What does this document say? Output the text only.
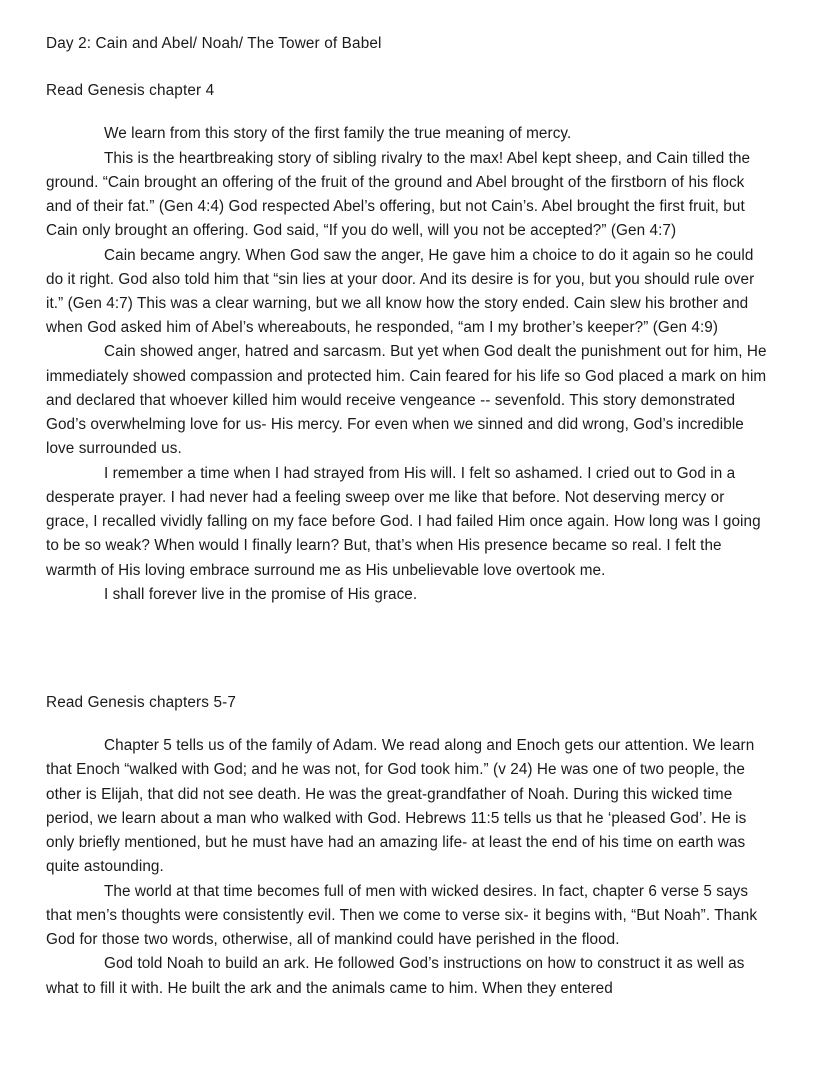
Day 2: Cain and Abel/ Noah/ The Tower of Babel
Read Genesis chapter 4

We learn from this story of the first family the true meaning of mercy.

This is the heartbreaking story of sibling rivalry to the max! Abel kept sheep, and Cain tilled the ground. “Cain brought an offering of the fruit of the ground and Abel brought of the firstborn of his flock and of their fat.” (Gen 4:4) God respected Abel’s offering, but not Cain’s. Abel brought the first fruit, but Cain only brought an offering. God said, “If you do well, will you not be accepted?” (Gen 4:7)

Cain became angry. When God saw the anger, He gave him a choice to do it again so he could do it right. God also told him that “sin lies at your door. And its desire is for you, but you should rule over it.” (Gen 4:7) This was a clear warning, but we all know how the story ended. Cain slew his brother and when God asked him of Abel’s whereabouts, he responded, “am I my brother’s keeper?” (Gen 4:9)

Cain showed anger, hatred and sarcasm. But yet when God dealt the punishment out for him, He immediately showed compassion and protected him. Cain feared for his life so God placed a mark on him and declared that whoever killed him would receive vengeance -- sevenfold. This story demonstrated God’s overwhelming love for us- His mercy. For even when we sinned and did wrong, God’s incredible love surrounded us.

I remember a time when I had strayed from His will. I felt so ashamed. I cried out to God in a desperate prayer. I had never had a feeling sweep over me like that before. Not deserving mercy or grace, I recalled vividly falling on my face before God. I had failed Him once again. How long was I going to be so weak? When would I finally learn? But, that’s when His presence became so real. I felt the warmth of His loving embrace surround me as His unbelievable love overtook me.

I shall forever live in the promise of His grace.

Read Genesis chapters 5-7

Chapter 5 tells us of the family of Adam. We read along and Enoch gets our attention. We learn that Enoch “walked with God; and he was not, for God took him.” (v 24) He was one of two people, the other is Elijah, that did not see death. He was the great-grandfather of Noah. During this wicked time period, we learn about a man who walked with God. Hebrews 11:5 tells us that he ‘pleased God’. He is only briefly mentioned, but he must have had an amazing life- at least the end of his time on earth was quite astounding.

The world at that time becomes full of men with wicked desires. In fact, chapter 6 verse 5 says that men’s thoughts were consistently evil. Then we come to verse six- it begins with, “But Noah”. Thank God for those two words, otherwise, all of mankind could have perished in the flood.

God told Noah to build an ark. He followed God’s instructions on how to construct it as well as what to fill it with. He built the ark and the animals came to him. When they entered
